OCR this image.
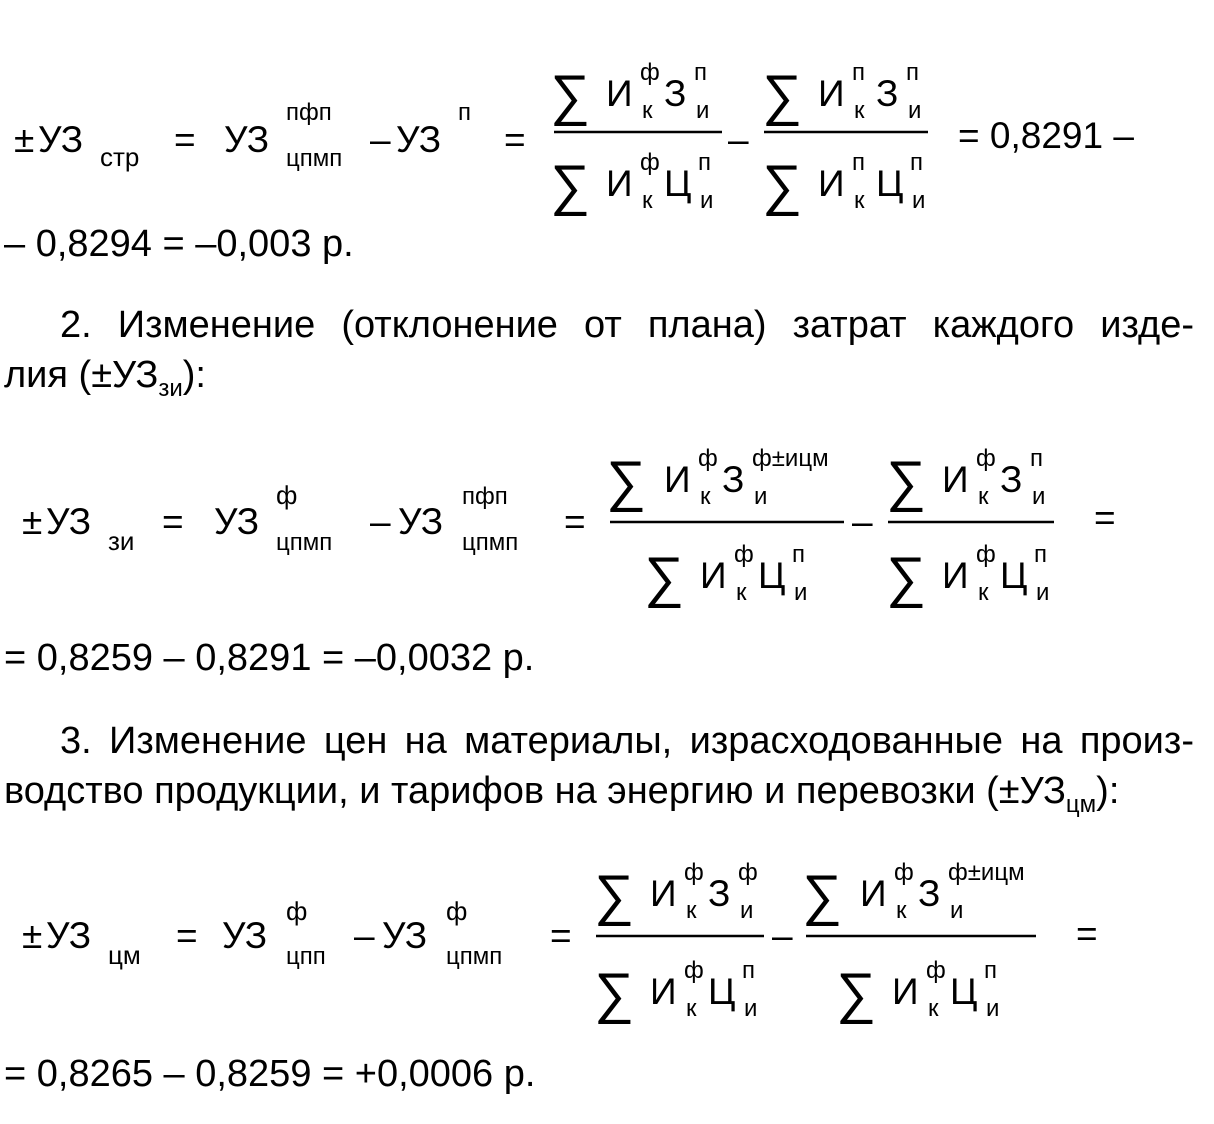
± УЗ стр = УЗ
пфп
цпмп – УЗ
п
=
∑ И
ф
к З
п
и
∑ И
ф
к Ц
п
и
–
∑ И
п
к З
п
и
∑ И
п
к Ц
п
и
= 0,8291 –

– 0,8294 = –0,003 р.

2. Изменение (отклонение от плана) затрат каждого изде-
лия $(\pm УЗ_{зи})$:
± УЗ зи = УЗ
ф
цпмп
– УЗ
пфп
цпмп
=
∑ И
ф
к З
ф±ицм
и
∑ И
ф
к Ц
п
и
–
∑ И
ф
к З
п
и
∑ И
ф
к Ц
п
и
=

= 0,8259 – 0,8291 = –0,0032 р.

3. Изменение цен на материалы, израсходованные на произ-
водство продукции, и тарифов на энергию и перевозки $(\pm УЗ_{цм})$:
± УЗ цм = УЗ
ф
цпп
– УЗ
ф
цпмп
=
∑ И
ф
к З
ф
и
∑ И
ф
к Ц
п
и
–
∑ И
ф
к З
ф±ицм
и
∑ И
ф
к Ц
п
и
=

= 0,8265 – 0,8259 = +0,0006 р.
